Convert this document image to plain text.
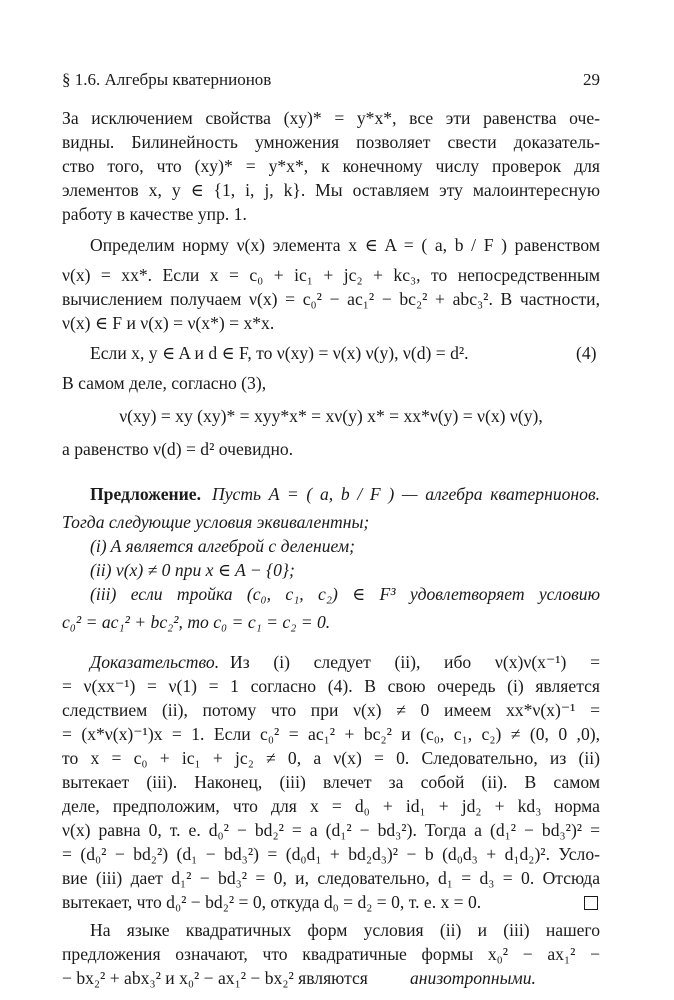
§ 1.6. Алгебры кватернионов	29
За исключением свойства (xy)* = y*x*, все эти равенства оче-
видны. Билинейность умножения позволяет свести доказатель-
ство того, что (xy)* = y*x*, к конечному числу проверок для
элементов x, y ∈ {1, i, j, k}. Мы оставляем эту малоинтересную
работу в качестве упр. 1.
Определим норму ν(x) элемента x ∈ A = ( a, b / F ) равенством
ν(x) = xx*. Если x = c₀ + ic₁ + jc₂ + kc₃, то непосредственным
вычислением получаем ν(x) = c₀² − ac₁² − bc₂² + abc₃². В частности,
ν(x) ∈ F и ν(x) = ν(x*) = x*x.
Если x, y ∈ A и d ∈ F, то ν(xy) = ν(x) ν(y), ν(d) = d².	(4)
В самом деле, согласно (3),
ν(xy) = xy (xy)* = xyy*x* = xν(y) x* = xx*ν(y) = ν(x) ν(y),
а равенство ν(d) = d² очевидно.
Предложение. Пусть A = ( a, b / F ) — алгебра кватернионов.
Тогда следующие условия эквивалентны;
(i) A является алгеброй с делением;
(ii) ν(x) ≠ 0 при x ∈ A − {0};
(iii) если тройка (c₀, c₁, c₂) ∈ F³ удовлетворяет условию
c₀² = ac₁² + bc₂², то c₀ = c₁ = c₂ = 0.
Доказательство. Из (i) следует (ii), ибо ν(x)ν(x⁻¹) =
= ν(xx⁻¹) = ν(1) = 1 согласно (4). В свою очередь (i) является
следствием (ii), потому что при ν(x) ≠ 0 имеем xx*ν(x)⁻¹ =
= (x*ν(x)⁻¹)x = 1. Если c₀² = ac₁² + bc₂² и (c₀, c₁, c₂) ≠ (0, 0 ,0),
то x = c₀ + ic₁ + jc₂ ≠ 0, а ν(x) = 0. Следовательно, из (ii)
вытекает (iii). Наконец, (iii) влечет за собой (ii). В самом
деле, предположим, что для x = d₀ + id₁ + jd₂ + kd₃ норма
ν(x) равна 0, т. е. d₀² − bd₂² = a (d₁² − bd₃²). Тогда a (d₁² − bd₃²)² =
= (d₀² − bd₂²) (d₁ − bd₃²) = (d₀d₁ + bd₂d₃)² − b (d₀d₃ + d₁d₂)². Усло-
вие (iii) дает d₁² − bd₃² = 0, и, следовательно, d₁ = d₃ = 0. Отсюда
вытекает, что d₀² − bd₂² = 0, откуда d₀ = d₂ = 0, т. е. x = 0.
На языке квадратичных форм условия (ii) и (iii) нашего
предложения означают, что квадратичные формы x₀² − ax₁² −
− bx₂² + abx₃² и x₀² − ax₁² − bx₂² являются	анизотропными.
